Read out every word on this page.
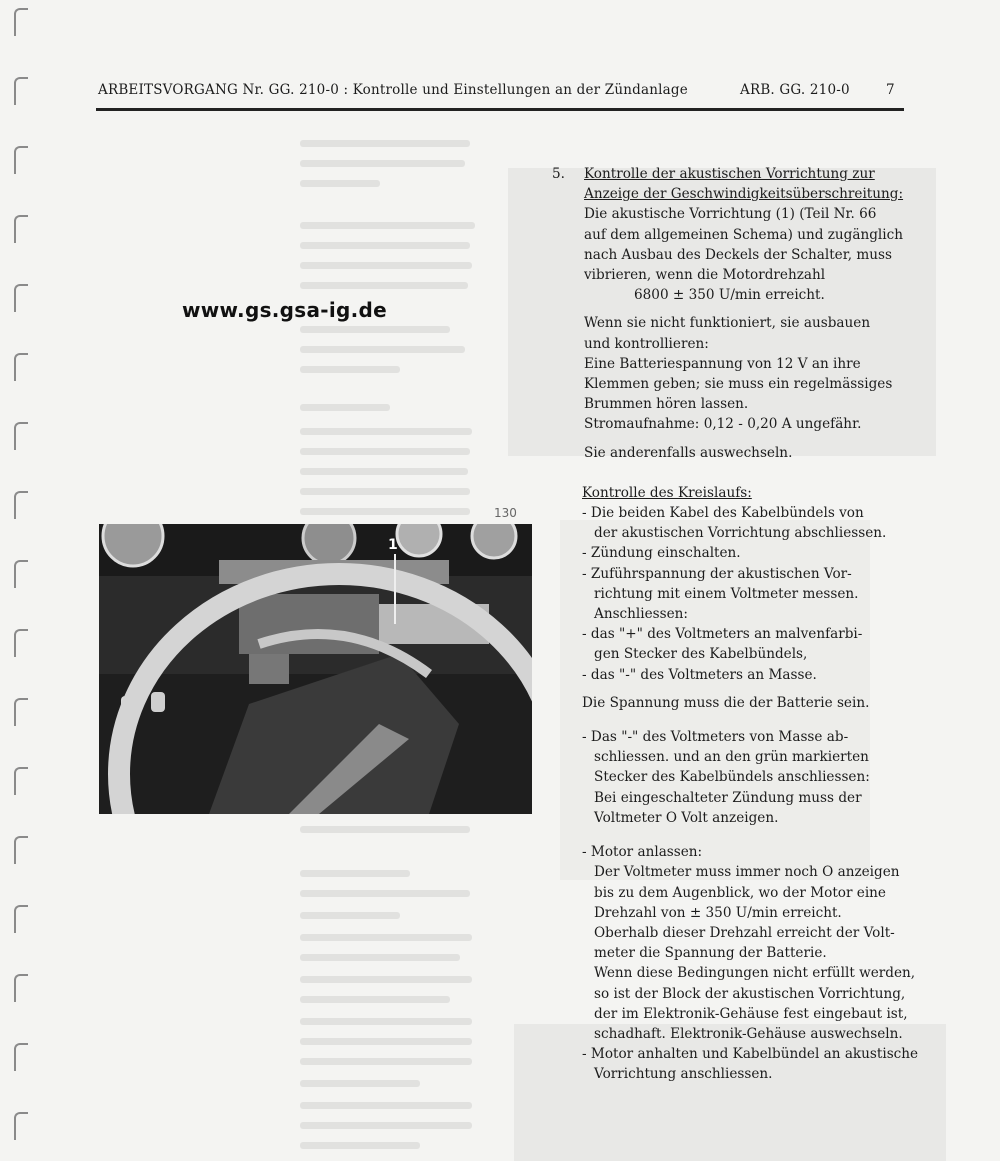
ARBEITSVORGANG Nr. GG. 210-0 : Kontrolle und Einstellungen an der Zündanlage	ARB. GG. 210-0	7
www.gs.gsa-ig.de
130
1
5. Kontrolle der akustischen Vorrichtung zur
Anzeige der Geschwindigkeitsüberschreitung:
Die akustische Vorrichtung (1) (Teil Nr. 66
auf dem allgemeinen Schema) und zugänglich
nach Ausbau des Deckels der Schalter, muss
vibrieren, wenn die Motordrehzahl
6800 ± 350 U/min erreicht.
Wenn sie nicht funktioniert, sie ausbauen
und kontrollieren:
Eine Batteriespannung von 12 V an ihre
Klemmen geben; sie muss ein regelmässiges
Brummen hören lassen.
Stromaufnahme: 0,12 - 0,20 A ungefähr.
Sie anderenfalls auswechseln.
Kontrolle des Kreislaufs:
- Die beiden Kabel des Kabelbündels von
der akustischen Vorrichtung abschliessen.
- Zündung einschalten.
- Zuführspannung der akustischen Vor-
richtung mit einem Voltmeter messen.
Anschliessen:
- das "+" des Voltmeters an malvenfarbi-
gen Stecker des Kabelbündels,
- das "-" des Voltmeters an Masse.
Die Spannung muss die der Batterie sein.
- Das "-" des Voltmeters von Masse ab-
schliessen. und an den grün markierten
Stecker des Kabelbündels anschliessen:
Bei eingeschalteter Zündung muss der
Voltmeter O Volt anzeigen.
- Motor anlassen:
Der Voltmeter muss immer noch O anzeigen
bis zu dem Augenblick, wo der Motor eine
Drehzahl von ± 350 U/min erreicht.
Oberhalb dieser Drehzahl erreicht der Volt-
meter die Spannung der Batterie.
Wenn diese Bedingungen nicht erfüllt werden,
so ist der Block der akustischen Vorrichtung,
der im Elektronik-Gehäuse fest eingebaut ist,
schadhaft. Elektronik-Gehäuse auswechseln.
- Motor anhalten und Kabelbündel an akustische
Vorrichtung anschliessen.
